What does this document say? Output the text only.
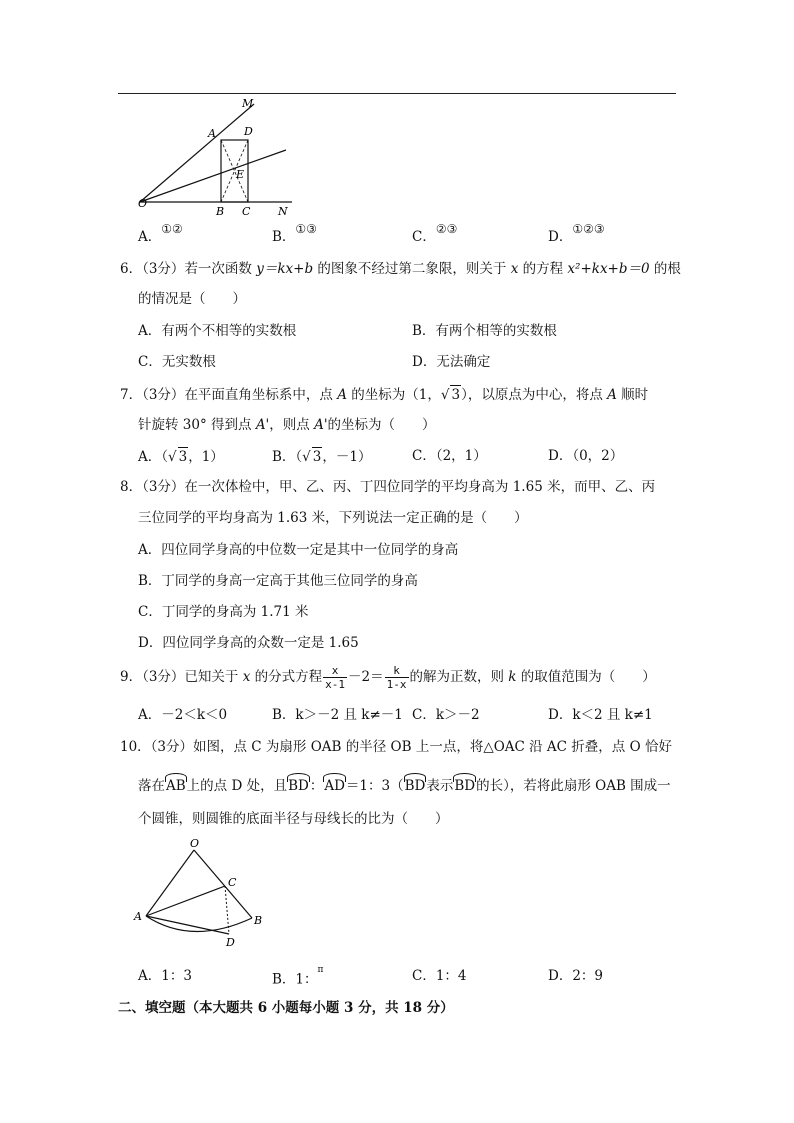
M
A	D
E
O
B C	N
A．①②	B．①③	C．②③	D．①②③
6．（3分）若一次函数 y＝kx+b 的图象不经过第二象限，则关于 x 的方程 x²+kx+b＝0 的根
的情况是（　　）
A．有两个不相等的实数根	B．有两个相等的实数根
C．无实数根	D．无法确定
7．（3分）在平面直角坐标系中，点 A 的坐标为（1，√ 3），以原点为中心，将点 A 顺时
针旋转 30° 得到点 A'，则点 A'的坐标为（　　）
A．（√ 3，1）	B．（√ 3，－1）	C．（2，1）	D．（0，2）
8．（3分）在一次体检中，甲、乙、丙、丁四位同学的平均身高为 1.65 米，而甲、乙、丙
三位同学的平均身高为 1.63 米，下列说法一定正确的是（　　）
A．四位同学身高的中位数一定是其中一位同学的身高
B．丁同学的身高一定高于其他三位同学的身高
C．丁同学的身高为 1.71 米
D．四位同学身高的众数一定是 1.65
9．（3分）已知关于 x 的分式方程 $\frac{x}{x-1} -2= \frac{k}{1-x}$ 的解为正数，则 k 的取值范围为（　　）
A．－2＜k＜0	B．k＞－2 且 k≠－1 C．k＞－2	D．k＜2 且 k≠1
10．（3分）如图，点 C 为扇形 OAB 的半径 OB 上一点，将△OAC 沿 AC 折叠，点 O 恰好
落在AB上的点 D 处，且BD：AD＝1：3（BD表示BD的长），若将此扇形 OAB 围成一
个圆锥，则圆锥的底面半径与母线长的比为（　　）
O
C
A	B
D
A．1：3	B．1：$^\pi$	C．1：4	D．2：9
二、填空题（本大题共 6 小题每小题 3 分，共 18 分）
